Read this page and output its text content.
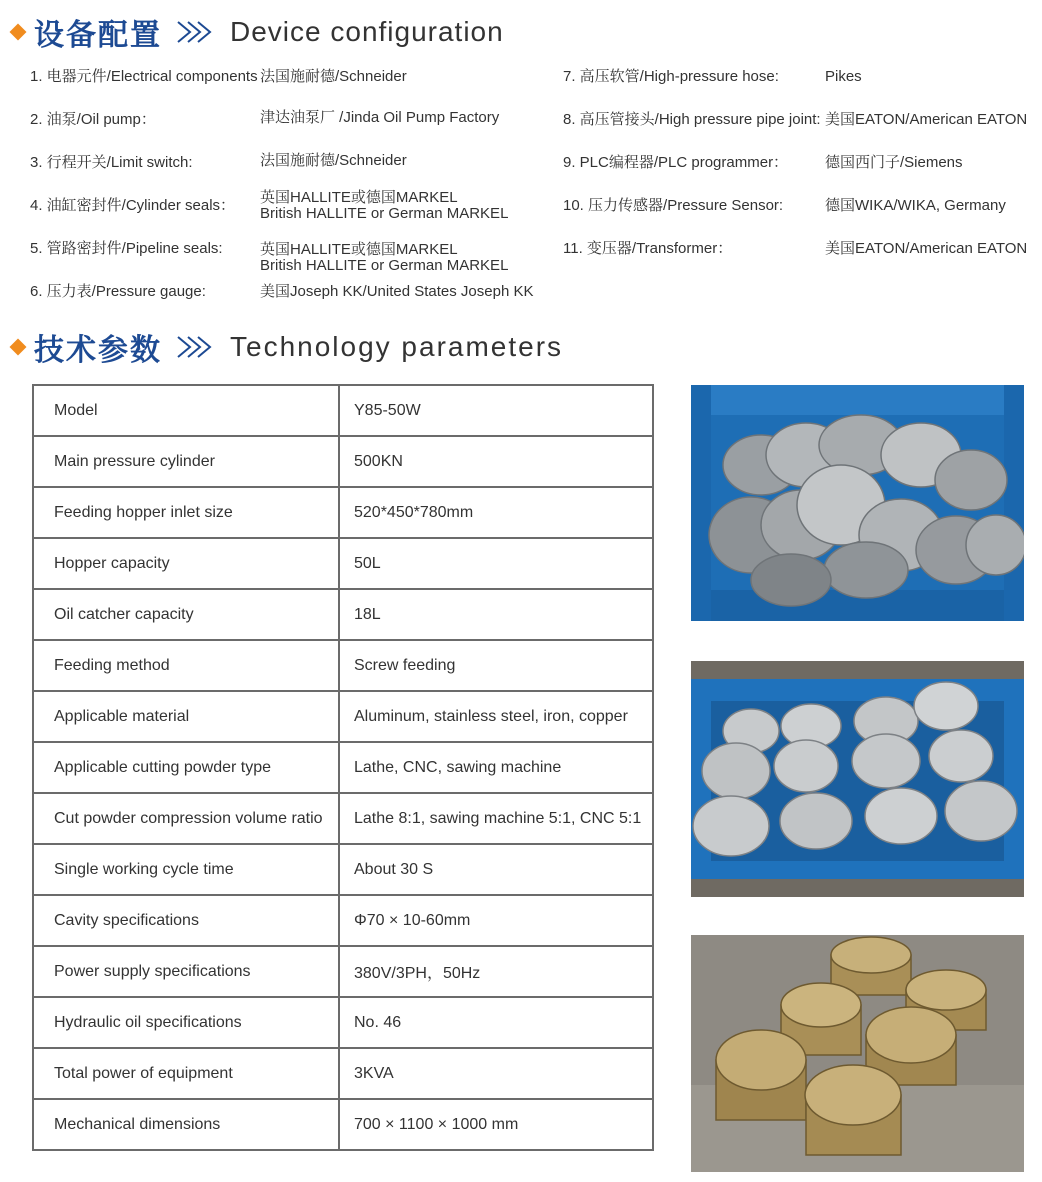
设备配置 Device configuration
1. 电器元件/Electrical components 法国施耐德/Schneider
2. 油泵/Oil pump：	津达油泵厂 /Jinda Oil Pump Factory
3. 行程开关/Limit switch:	法国施耐德/Schneider
4. 油缸密封件/Cylinder seals： 英国HALLITE或德国MARKEL
British HALLITE or German MARKEL
5. 管路密封件/Pipeline seals: 英国HALLITE或德国MARKEL
British HALLITE or German MARKEL
6. 压力表/Pressure gauge:	美国Joseph KK/United States Joseph KK
7. 高压软管/High-pressure hose:	Pikes
8. 高压管接头/High pressure pipe joint: 美国EATON/American EATON
9. PLC编程器/PLC programmer： 德国西门子/Siemens
10. 压力传感器/Pressure Sensor:	德国WIKA/WIKA, Germany
11. 变压器/Transformer：	美国EATON/American EATON
技术参数 Technology parameters
Model	Y85-50W
Main pressure cylinder	500KN
Feeding hopper inlet size	520*450*780mm
Hopper capacity	50L
Oil catcher capacity	18L
Feeding method	Screw feeding
Applicable material	Aluminum, stainless steel, iron, copper
Applicable cutting powder type	Lathe, CNC, sawing machine
Cut powder compression volume ratio	Lathe 8:1, sawing machine 5:1, CNC 5:1
Single working cycle time	About 30 S
Cavity specifications	Φ70 × 10-60mm
Power supply specifications	380V/3PH，50Hz
Hydraulic oil specifications	No. 46
Total power of equipment	3KVA
Mechanical dimensions	700 × 1100 × 1000 mm
